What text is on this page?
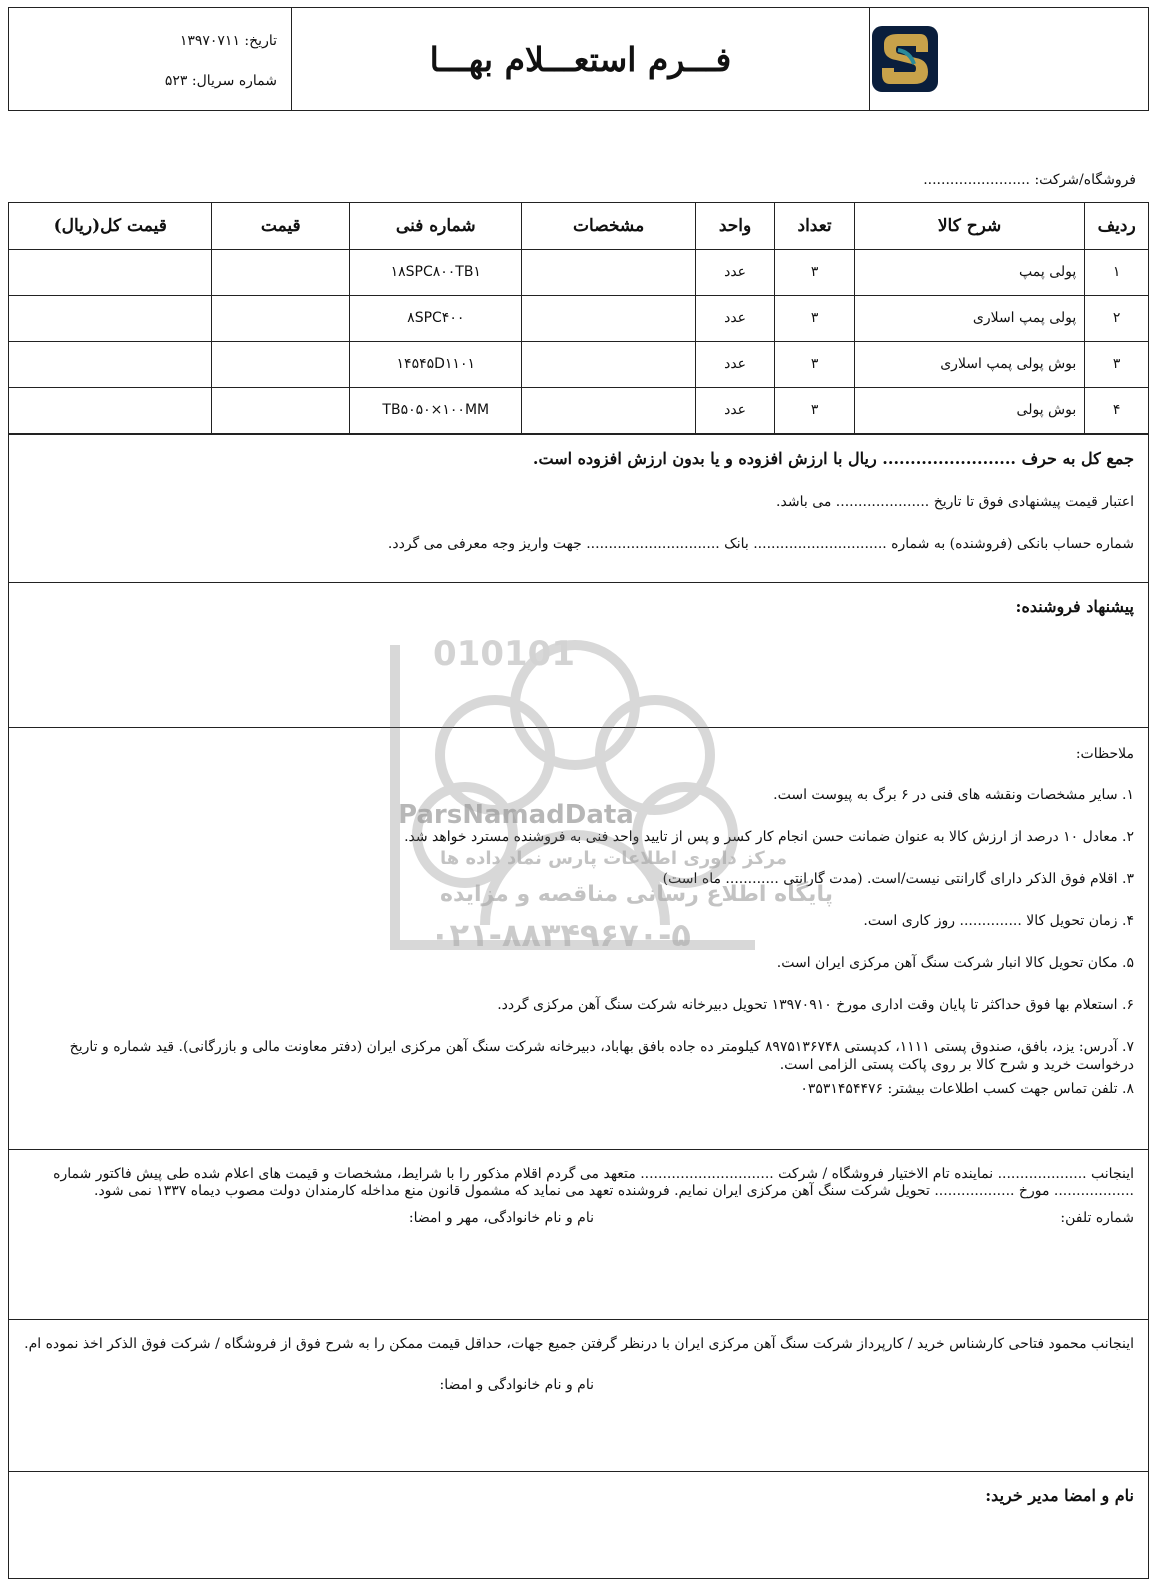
فـــرم استعـــلام بهـــا
تاریخ: ۱۳۹۷۰۷۱۱
شماره سریال: ۵۲۳
فروشگاه/شرکت: ........................
ردیف	شرح کالا	تعداد	واحد	مشخصات	شماره فنی	قیمت	قیمت کل(ریال)
۱	پولی پمپ	۳	عدد		۱۸SPC۸۰۰TB۱		
۲	پولی پمپ اسلاری	۳	عدد		۸SPC۴۰۰		
۳	بوش پولی پمپ اسلاری	۳	عدد		۱۴۵۴۵D۱۱۰۱		
۴	بوش پولی	۳	عدد		TB۵۰۵۰×۱۰۰MM		
جمع کل به حرف ........................ ریال با ارزش افزوده و یا بدون ارزش افزوده است.
اعتبار قیمت پیشنهادی فوق تا تاریخ ..................... می باشد.
شماره حساب بانکی (فروشنده) به شماره .............................. بانک .............................. جهت واریز وجه معرفی می گردد.
پیشنهاد فروشنده:
ملاحظات:
۱. سایر مشخصات ونقشه های فنی در ۶ برگ به پیوست است.
۲. معادل ۱۰ درصد از ارزش کالا به عنوان ضمانت حسن انجام کار کسر و پس از تایید واحد فنی به فروشنده مسترد خواهد شد.
۳. اقلام فوق الذکر دارای گارانتی نیست/است. (مدت گارانتی ............ ماه است)
۴. زمان تحویل کالا .............. روز کاری است.
۵. مکان تحویل کالا انبار شرکت سنگ آهن مرکزی ایران است.
۶. استعلام بها فوق حداکثر تا پایان وقت اداری مورخ ۱۳۹۷۰۹۱۰ تحویل دبیرخانه شرکت سنگ آهن مرکزی گردد.
۷. آدرس: یزد، بافق، صندوق پستی ۱۱۱۱، کدپستی ۸۹۷۵۱۳۶۷۴۸ کیلومتر ده جاده بافق بهاباد، دبیرخانه شرکت سنگ آهن مرکزی ایران (دفتر معاونت مالی و بازرگانی). قید شماره و تاریخ درخواست خرید و شرح کالا بر روی پاکت پستی الزامی است.
۸. تلفن تماس جهت کسب اطلاعات بیشتر: ۰۳۵۳۱۴۵۴۴۷۶
اینجانب .................... نماینده تام الاختیار فروشگاه / شرکت .............................. متعهد می گردم اقلام مذکور را با شرایط، مشخصات و قیمت های اعلام شده طی پیش فاکتور شماره .................. مورخ .................. تحویل شرکت سنگ آهن مرکزی ایران نمایم. فروشنده تعهد می نماید که مشمول قانون منع مداخله کارمندان دولت مصوب دیماه ۱۳۳۷ نمی شود.
شماره تلفن:
نام و نام خانوادگی، مهر و امضا:
اینجانب محمود فتاحی کارشناس خرید / کارپرداز شرکت سنگ آهن مرکزی ایران با درنظر گرفتن جمیع جهات، حداقل قیمت ممکن را به شرح فوق از فروشگاه / شرکت فوق الذکر اخذ نموده ام.
نام و نام خانوادگی و امضا:
نام و امضا مدیر خرید:
010101
ParsNamadData
مرکز داوری اطلاعات پارس نماد داده ها
پایگاه اطلاع رسانی مناقصه و مزایده
۰۲۱-۸۸۳۴۹۶۷۰-۵
